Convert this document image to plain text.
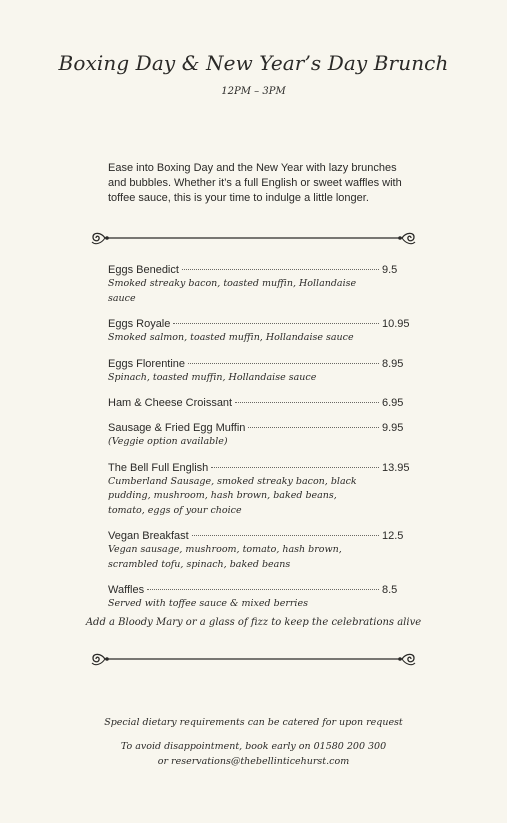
Boxing Day & New Year’s Day Brunch
12PM – 3PM
Ease into Boxing Day and the New Year with lazy brunches and bubbles. Whether it’s a full English or sweet waffles with toffee sauce, this is your time to indulge a little longer.
Eggs Benedict	9.5
Smoked streaky bacon, toasted muffin, Hollandaise sauce
Eggs Royale	10.95
Smoked salmon, toasted muffin, Hollandaise sauce
Eggs Florentine	8.95
Spinach, toasted muffin, Hollandaise sauce
Ham & Cheese Croissant	6.95
Sausage & Fried Egg Muffin	9.95
(Veggie option available)
The Bell Full English	13.95
Cumberland Sausage, smoked streaky bacon, black pudding, mushroom, hash brown, baked beans, tomato, eggs of your choice
Vegan Breakfast	12.5
Vegan sausage, mushroom, tomato, hash brown, scrambled tofu, spinach, baked beans
Waffles	8.5
Served with toffee sauce & mixed berries
Add a Bloody Mary or a glass of fizz to keep the celebrations alive
Special dietary requirements can be catered for upon request
To avoid disappointment, book early on 01580 200 300
or reservations@thebellinticehurst.com
